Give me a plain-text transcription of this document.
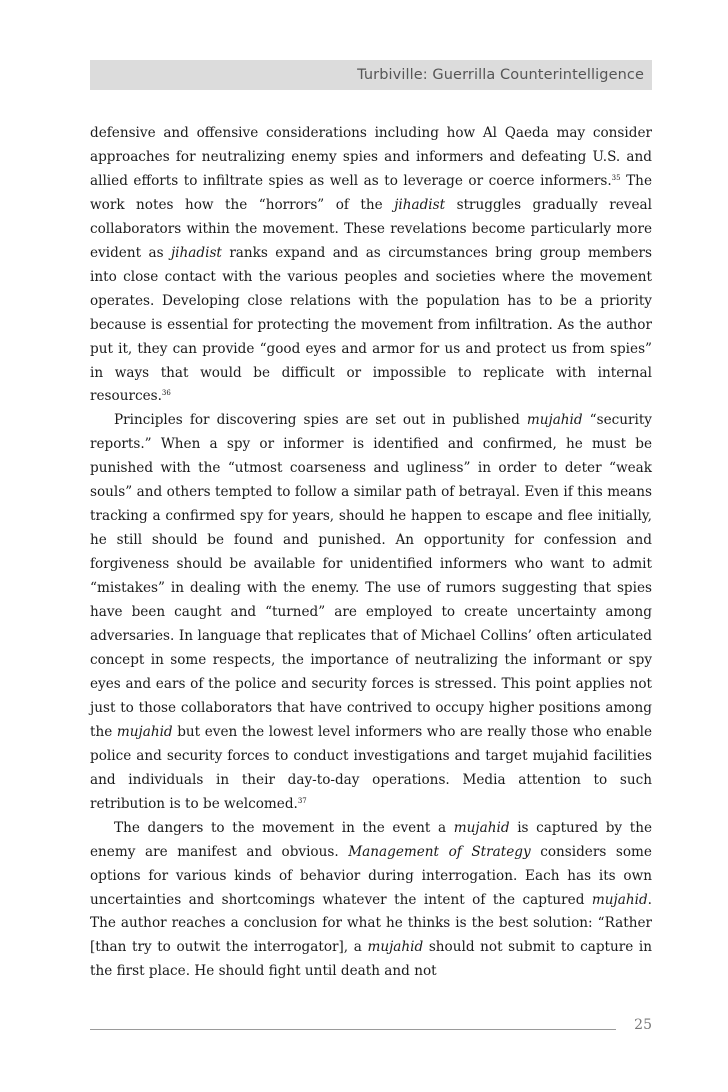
Turbiville: Guerrilla Counterintelligence

defensive and offensive considerations including how Al Qaeda may consider approaches for neutralizing enemy spies and informers and defeating U.S. and allied efforts to infiltrate spies as well as to leverage or coerce informers.$^{35}$ The work notes how the “horrors” of the jihadist struggles gradually reveal collaborators within the movement. These revelations become particularly more evident as jihadist ranks expand and as circumstances bring group members into close contact with the various peoples and societies where the movement operates. Developing close relations with the population has to be a priority because is essential for protecting the movement from infiltration. As the author put it, they can provide “good eyes and armor for us and protect us from spies” in ways that would be difficult or impossible to replicate with internal resources.$^{36}$

Principles for discovering spies are set out in published mujahid “security reports.” When a spy or informer is identified and confirmed, he must be punished with the “utmost coarseness and ugliness” in order to deter “weak souls” and others tempted to follow a similar path of betrayal. Even if this means tracking a confirmed spy for years, should he happen to escape and flee initially, he still should be found and punished. An opportunity for confession and forgiveness should be available for unidentified informers who want to admit “mistakes” in dealing with the enemy. The use of rumors suggesting that spies have been caught and “turned” are employed to create uncertainty among adversaries. In language that replicates that of Michael Collins’ often articulated concept in some respects, the importance of neutralizing the informant or spy eyes and ears of the police and security forces is stressed. This point applies not just to those collaborators that have contrived to occupy higher positions among the mujahid but even the lowest level informers who are really those who enable police and security forces to conduct investigations and target mujahid facilities and individuals in their day-to-day operations. Media attention to such retribution is to be welcomed.$^{37}$

The dangers to the movement in the event a mujahid is captured by the enemy are manifest and obvious. Management of Strategy considers some options for various kinds of behavior during interrogation. Each has its own uncertainties and shortcomings whatever the intent of the captured mujahid. The author reaches a conclusion for what he thinks is the best solution: “Rather [than try to outwit the interrogator], a mujahid should not submit to capture in the first place. He should fight until death and not

25
